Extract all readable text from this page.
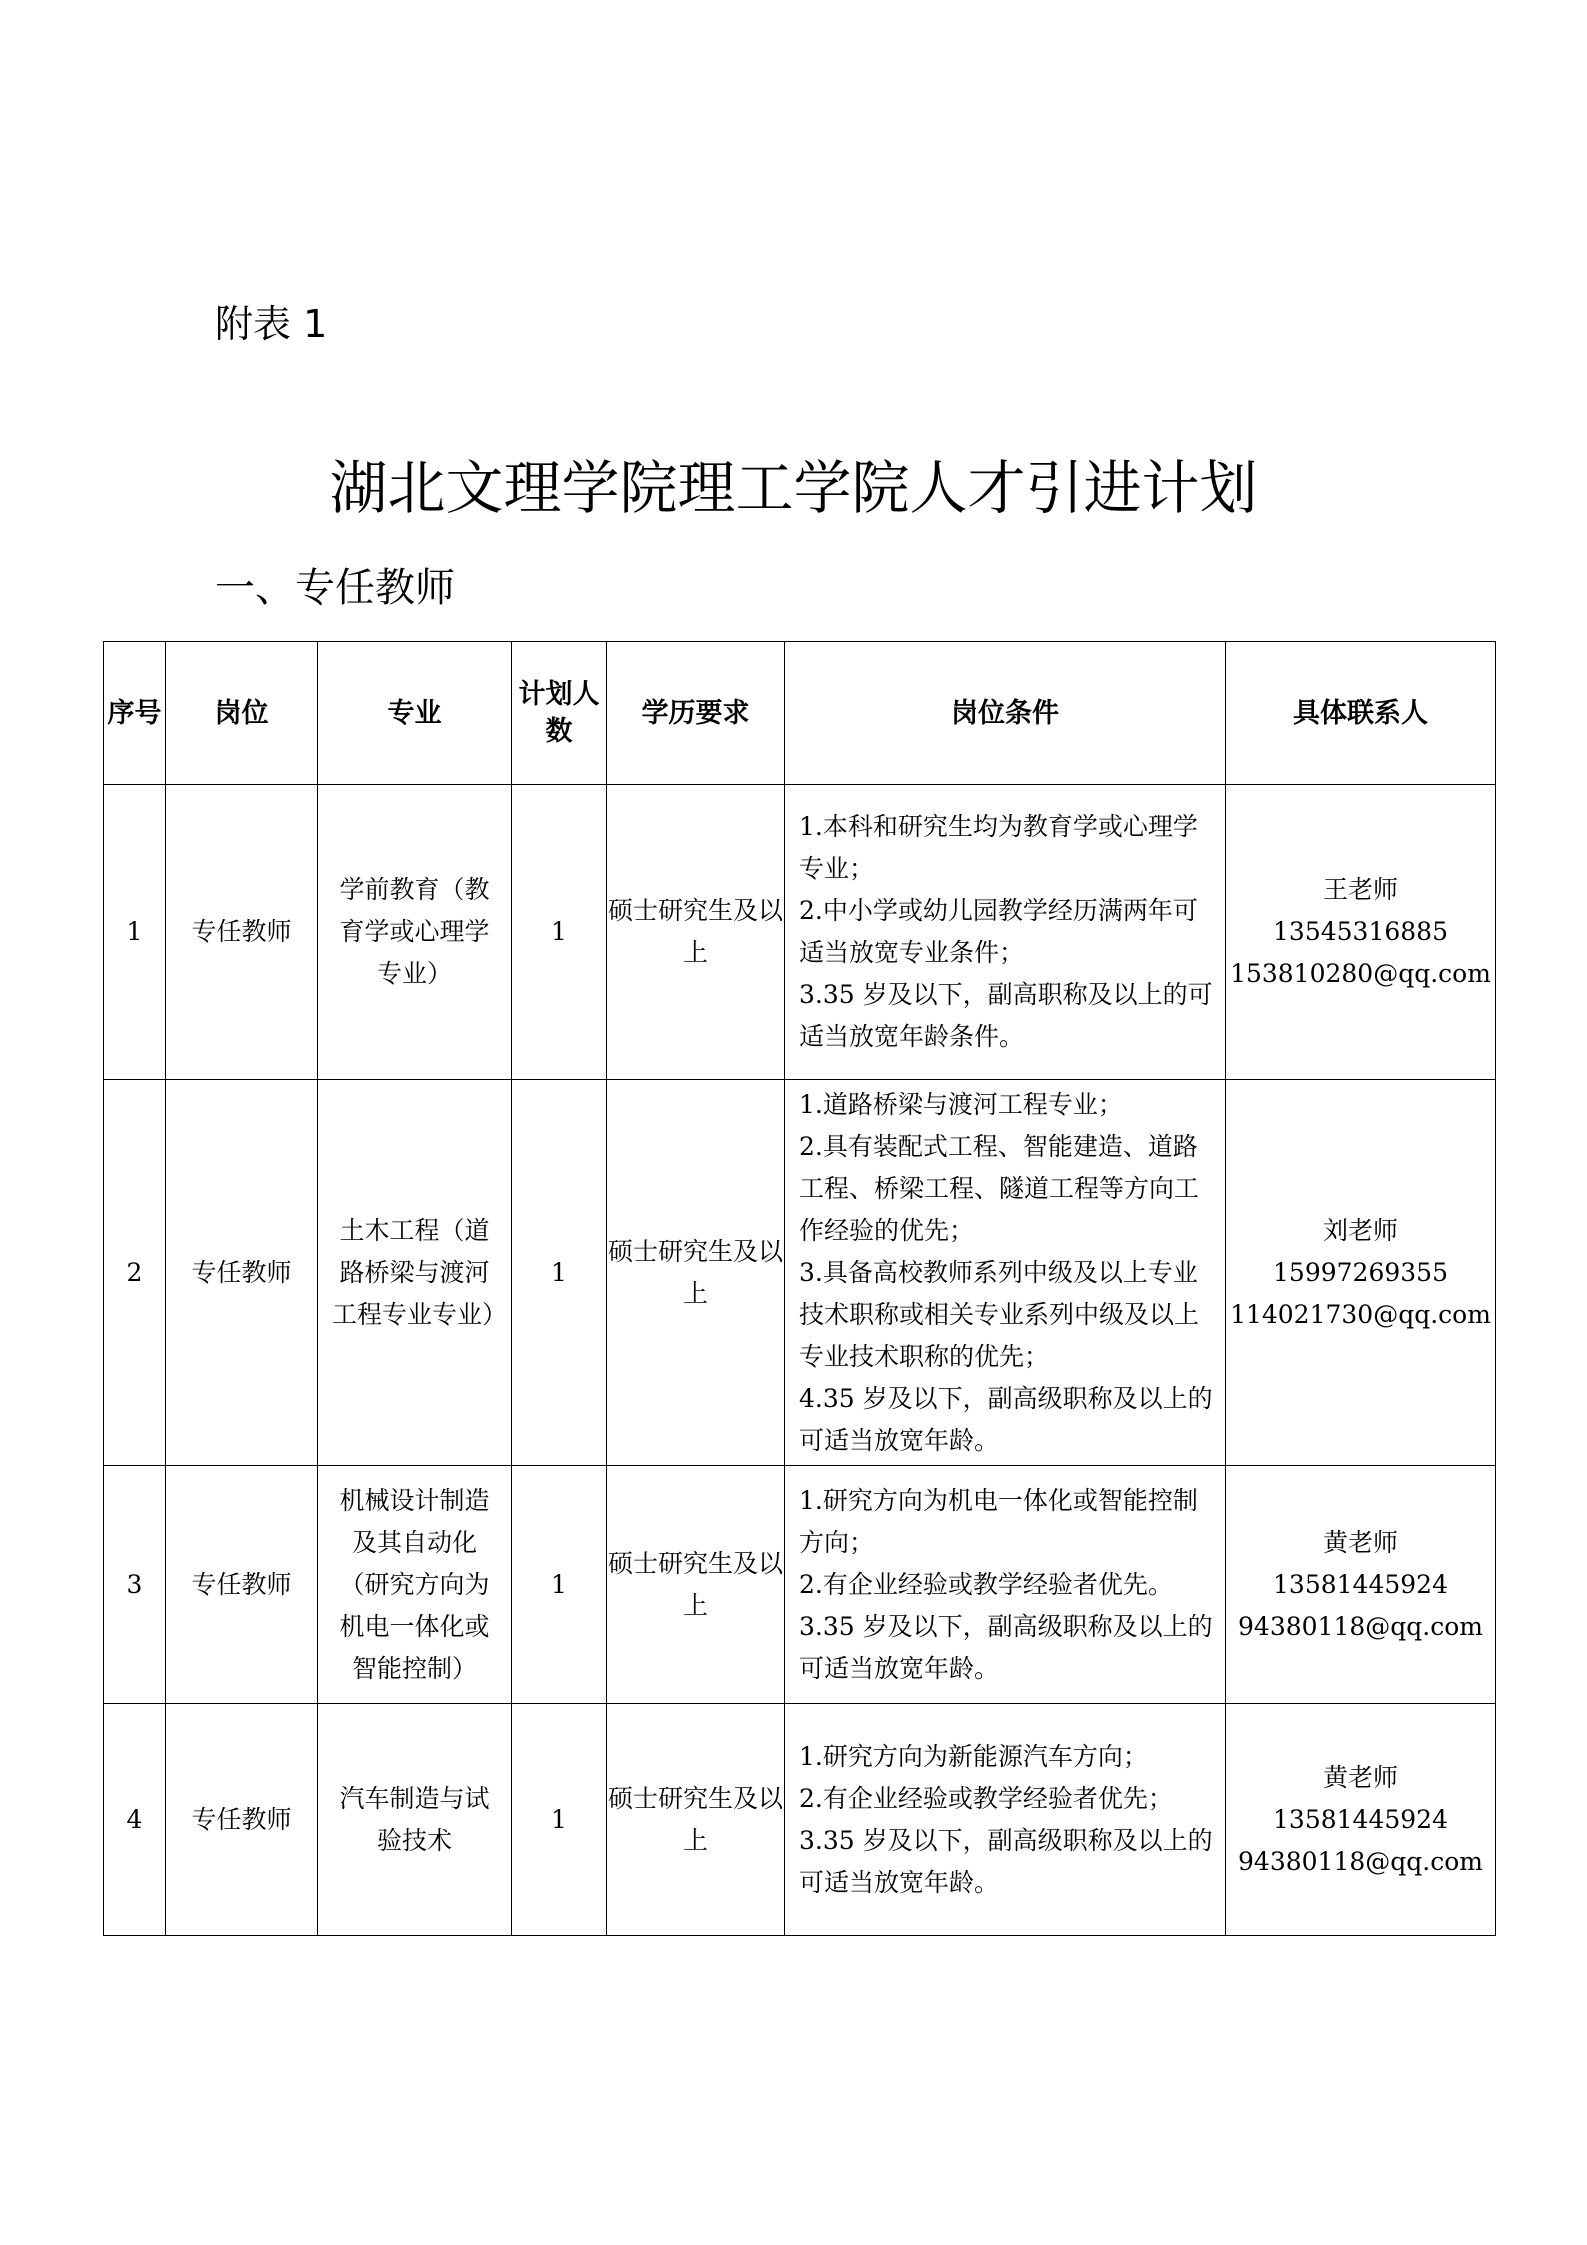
附表 1
湖北文理学院理工学院人才引进计划
一、专任教师
序号	岗位	专业	计划人数	学历要求	岗位条件	具体联系人
1	专任教师	学前教育（教育学或心理学专业）	1	硕士研究生及以上	1.本科和研究生均为教育学或心理学专业；
2.中小学或幼儿园教学经历满两年可适当放宽专业条件；
3.35 岁及以下，副高职称及以上的可适当放宽年龄条件。	王老师
13545316885
153810280@qq.com

2	专任教师	土木工程（道路桥梁与渡河工程专业专业）	1	硕士研究生及以上	1.道路桥梁与渡河工程专业；
2.具有装配式工程、智能建造、道路工程、桥梁工程、隧道工程等方向工作经验的优先；
3.具备高校教师系列中级及以上专业技术职称或相关专业系列中级及以上专业技术职称的优先；
4.35 岁及以下，副高级职称及以上的可适当放宽年龄。	刘老师
15997269355
114021730@qq.com

3	专任教师	机械设计制造及其自动化（研究方向为机电一体化或智能控制）	1	硕士研究生及以上	1.研究方向为机电一体化或智能控制方向；
2.有企业经验或教学经验者优先。
3.35 岁及以下，副高级职称及以上的可适当放宽年龄。	黄老师
13581445924
94380118@qq.com

4	专任教师	汽车制造与试验技术	1	硕士研究生及以上	1.研究方向为新能源汽车方向；
2.有企业经验或教学经验者优先；
3.35 岁及以下，副高级职称及以上的可适当放宽年龄。	黄老师
13581445924
94380118@qq.com
